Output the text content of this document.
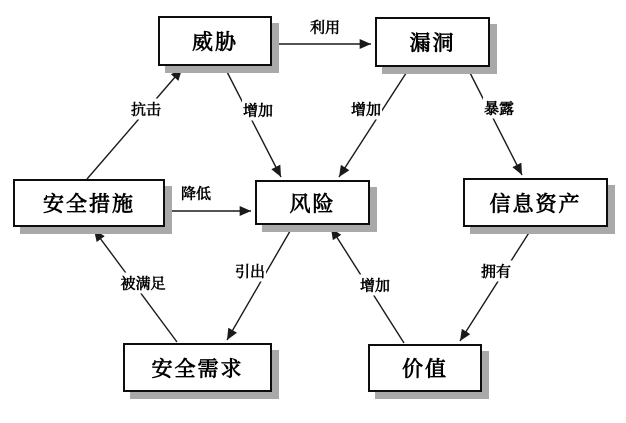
威胁	漏洞
安全措施	风险	信息资产
安全需求	价值
利用
抗击	增加	增加	暴露
降低
被满足
引出
增加
拥有
